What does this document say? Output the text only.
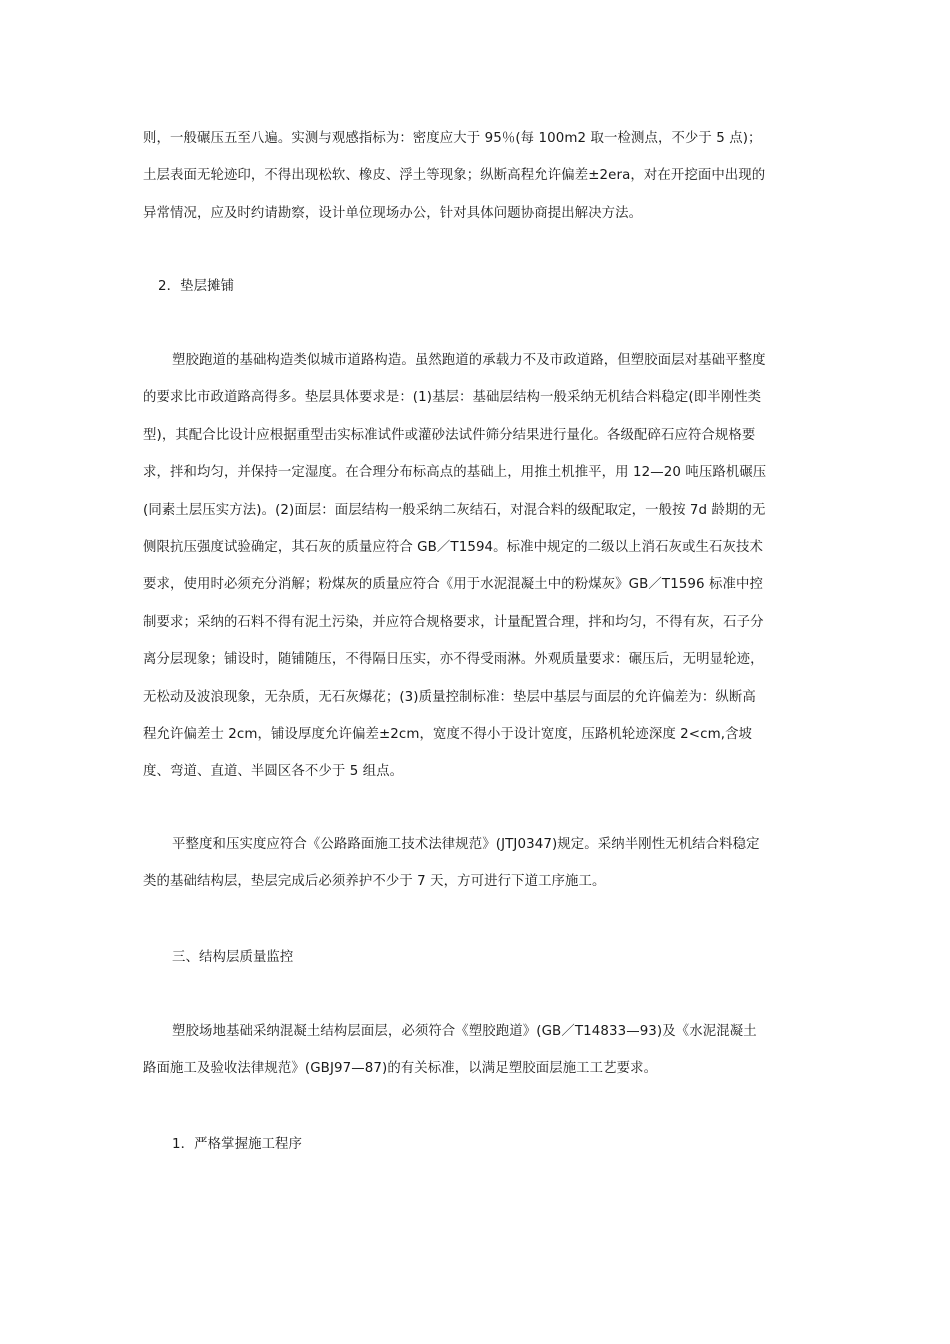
则，一般碾压五至八遍。实测与观感指标为：密度应大于 95％(每 100m2 取一检测点，不少于 5 点)；
土层表面无轮迹印，不得出现松软、橡皮、浮土等现象；纵断高程允许偏差±2era，对在开挖面中出现的
异常情况，应及时约请勘察，设计单位现场办公，针对具体问题协商提出解决方法。
2．垫层摊铺
塑胶跑道的基础构造类似城市道路构造。虽然跑道的承载力不及市政道路，但塑胶面层对基础平整度
的要求比市政道路高得多。垫层具体要求是：(1)基层：基础层结构一般采纳无机结合料稳定(即半刚性类
型)，其配合比设计应根据重型击实标准试件或灌砂法试件筛分结果进行量化。各级配碎石应符合规格要
求，拌和均匀，并保持一定湿度。在合理分布标高点的基础上，用推土机推平，用 12—20 吨压路机碾压
(同素土层压实方法)。(2)面层：面层结构一般采纳二灰结石，对混合料的级配取定，一般按 7d 龄期的无
侧限抗压强度试验确定，其石灰的质量应符合 GB／T1594。标准中规定的二级以上消石灰或生石灰技术
要求，使用时必须充分消解；粉煤灰的质量应符合《用于水泥混凝土中的粉煤灰》GB／T1596 标准中控
制要求；采纳的石料不得有泥土污染，并应符合规格要求，计量配置合理，拌和均匀，不得有灰，石子分
离分层现象；铺设时，随铺随压，不得隔日压实，亦不得受雨淋。外观质量要求：碾压后，无明显轮迹，
无松动及波浪现象，无杂质，无石灰爆花；(3)质量控制标准：垫层中基层与面层的允许偏差为：纵断高
程允许偏差士 2cm，铺设厚度允许偏差±2cm，宽度不得小于设计宽度，压路机轮迹深度 2<cm,含坡
度、弯道、直道、半圆区各不少于 5 组点。
平整度和压实度应符合《公路路面施工技术法律规范》(JTJ0347)规定。采纳半刚性无机结合料稳定
类的基础结构层，垫层完成后必须养护不少于 7 天，方可进行下道工序施工。
三、结构层质量监控
塑胶场地基础采纳混凝土结构层面层，必须符合《塑胶跑道》(GB／T14833—93)及《水泥混凝土
路面施工及验收法律规范》(GBJ97—87)的有关标准，以满足塑胶面层施工工艺要求。
1．严格掌握施工程序
